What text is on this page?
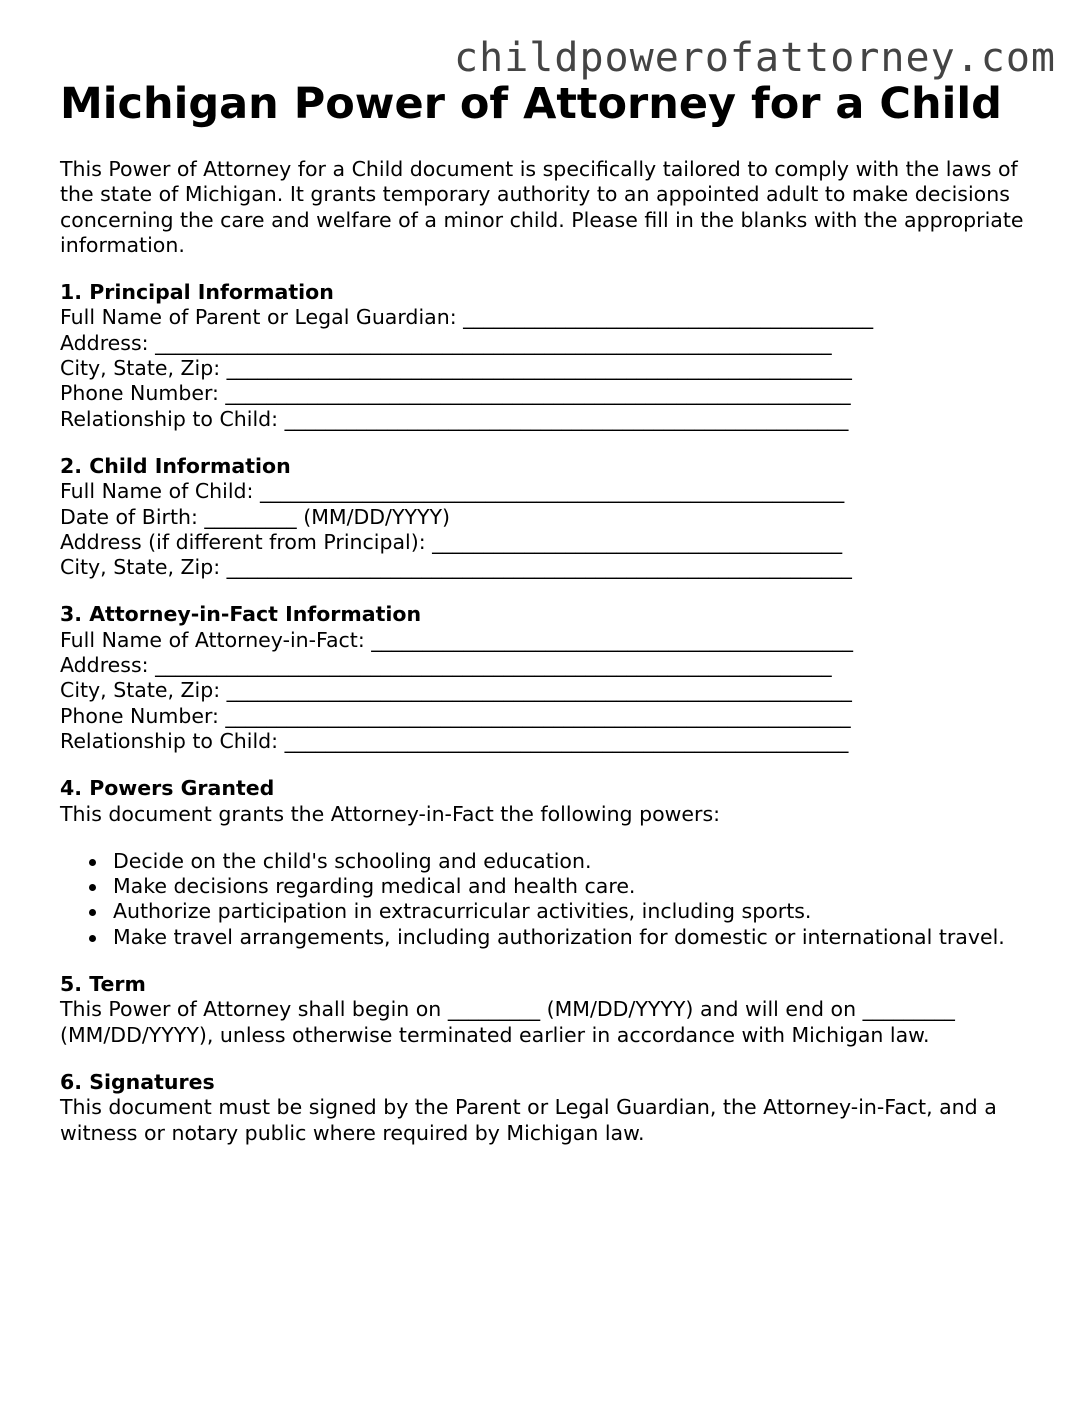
childpowerofattorney.com
Michigan Power of Attorney for a Child

This Power of Attorney for a Child document is specifically tailored to comply with the laws of the state of Michigan. It grants temporary authority to an appointed adult to make decisions concerning the care and welfare of a minor child. Please fill in the blanks with the appropriate information.

1. Principal Information

Full Name of Parent or Legal Guardian: ________________________________________
Address: __________________________________________________________________
City, State, Zip: _____________________________________________________________
Phone Number: _____________________________________________________________
Relationship to Child: _______________________________________________________

2. Child Information

Full Name of Child: _________________________________________________________
Date of Birth: _________ (MM/DD/YYYY)
Address (if different from Principal): ________________________________________
City, State, Zip: _____________________________________________________________

3. Attorney-in-Fact Information

Full Name of Attorney-in-Fact: _______________________________________________
Address: __________________________________________________________________
City, State, Zip: _____________________________________________________________
Phone Number: _____________________________________________________________
Relationship to Child: _______________________________________________________

4. Powers Granted

This document grants the Attorney-in-Fact the following powers:

Decide on the child's schooling and education.
Make decisions regarding medical and health care.
Authorize participation in extracurricular activities, including sports.
Make travel arrangements, including authorization for domestic or international travel.

5. Term

This Power of Attorney shall begin on _________ (MM/DD/YYYY) and will end on _________ (MM/DD/YYYY), unless otherwise terminated earlier in accordance with Michigan law.

6. Signatures

This document must be signed by the Parent or Legal Guardian, the Attorney-in-Fact, and a witness or notary public where required by Michigan law.
